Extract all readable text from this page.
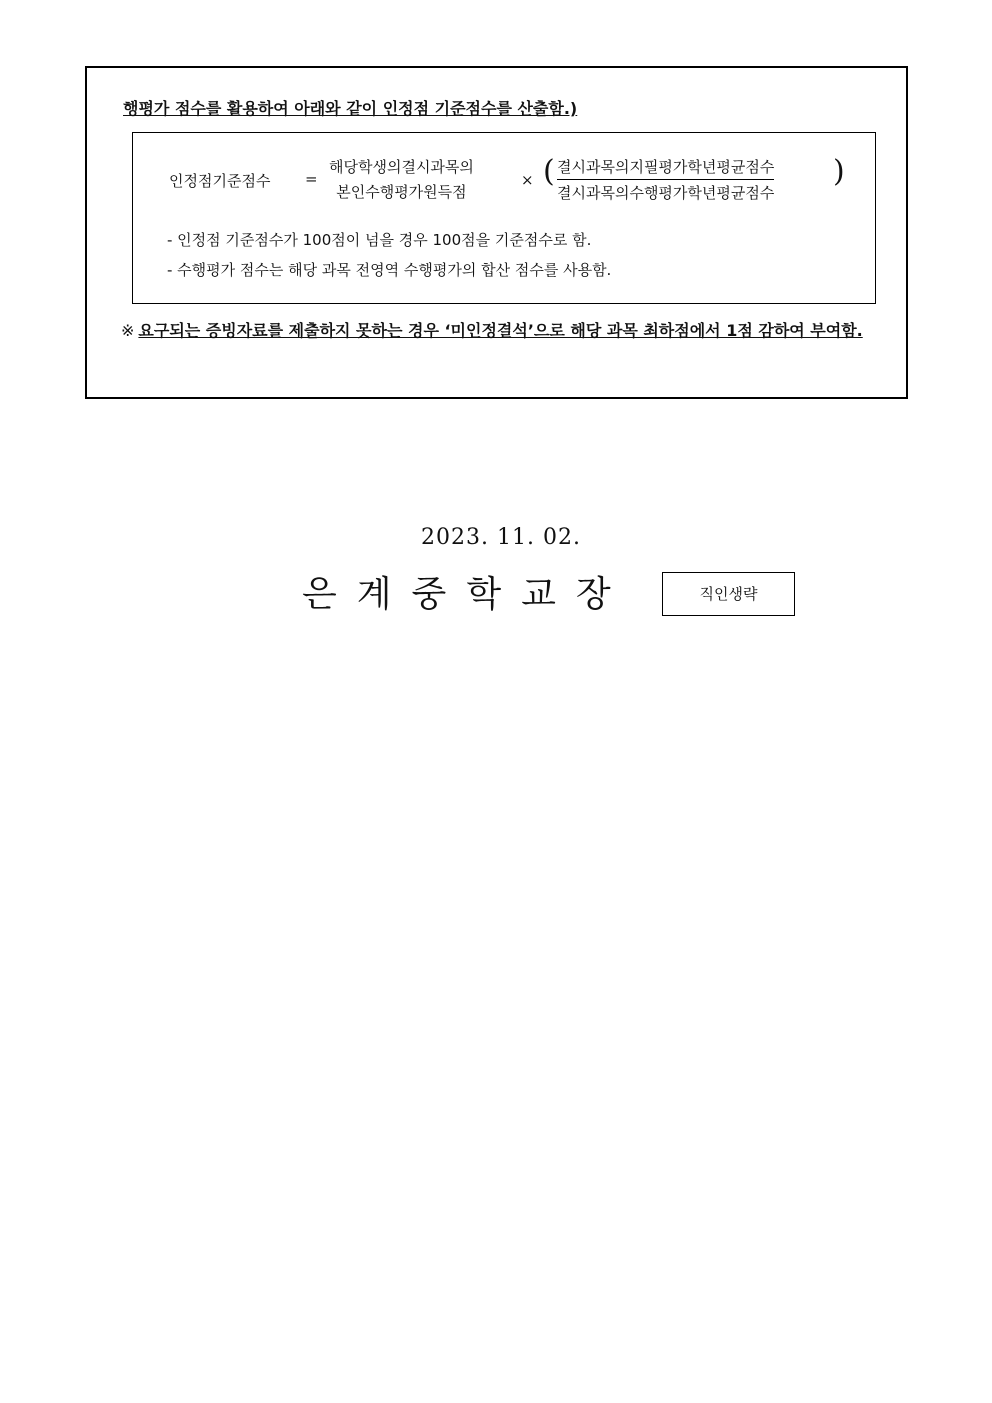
행평가 점수를 활용하여 아래와 같이 인정점 기준점수를 산출함.)
인정점기준점수 =
해당학생의결시과목의
본인수행평가원득점
× ( 결시과목의지필평가학년평균점수
결시과목의수행평가학년평균점수
)
- 인정점 기준점수가 100점이 넘을 경우 100점을 기준점수로 함.
- 수행평가 점수는 해당 과목 전영역 수행평가의 합산 점수를 사용함.
※ 요구되는 증빙자료를 제출하지 못하는 경우 ‘미인정결석’으로 해당 과목 최하점에서 1점 감하여 부여함.
2023. 11. 02.
은계중학교장	직인생략
